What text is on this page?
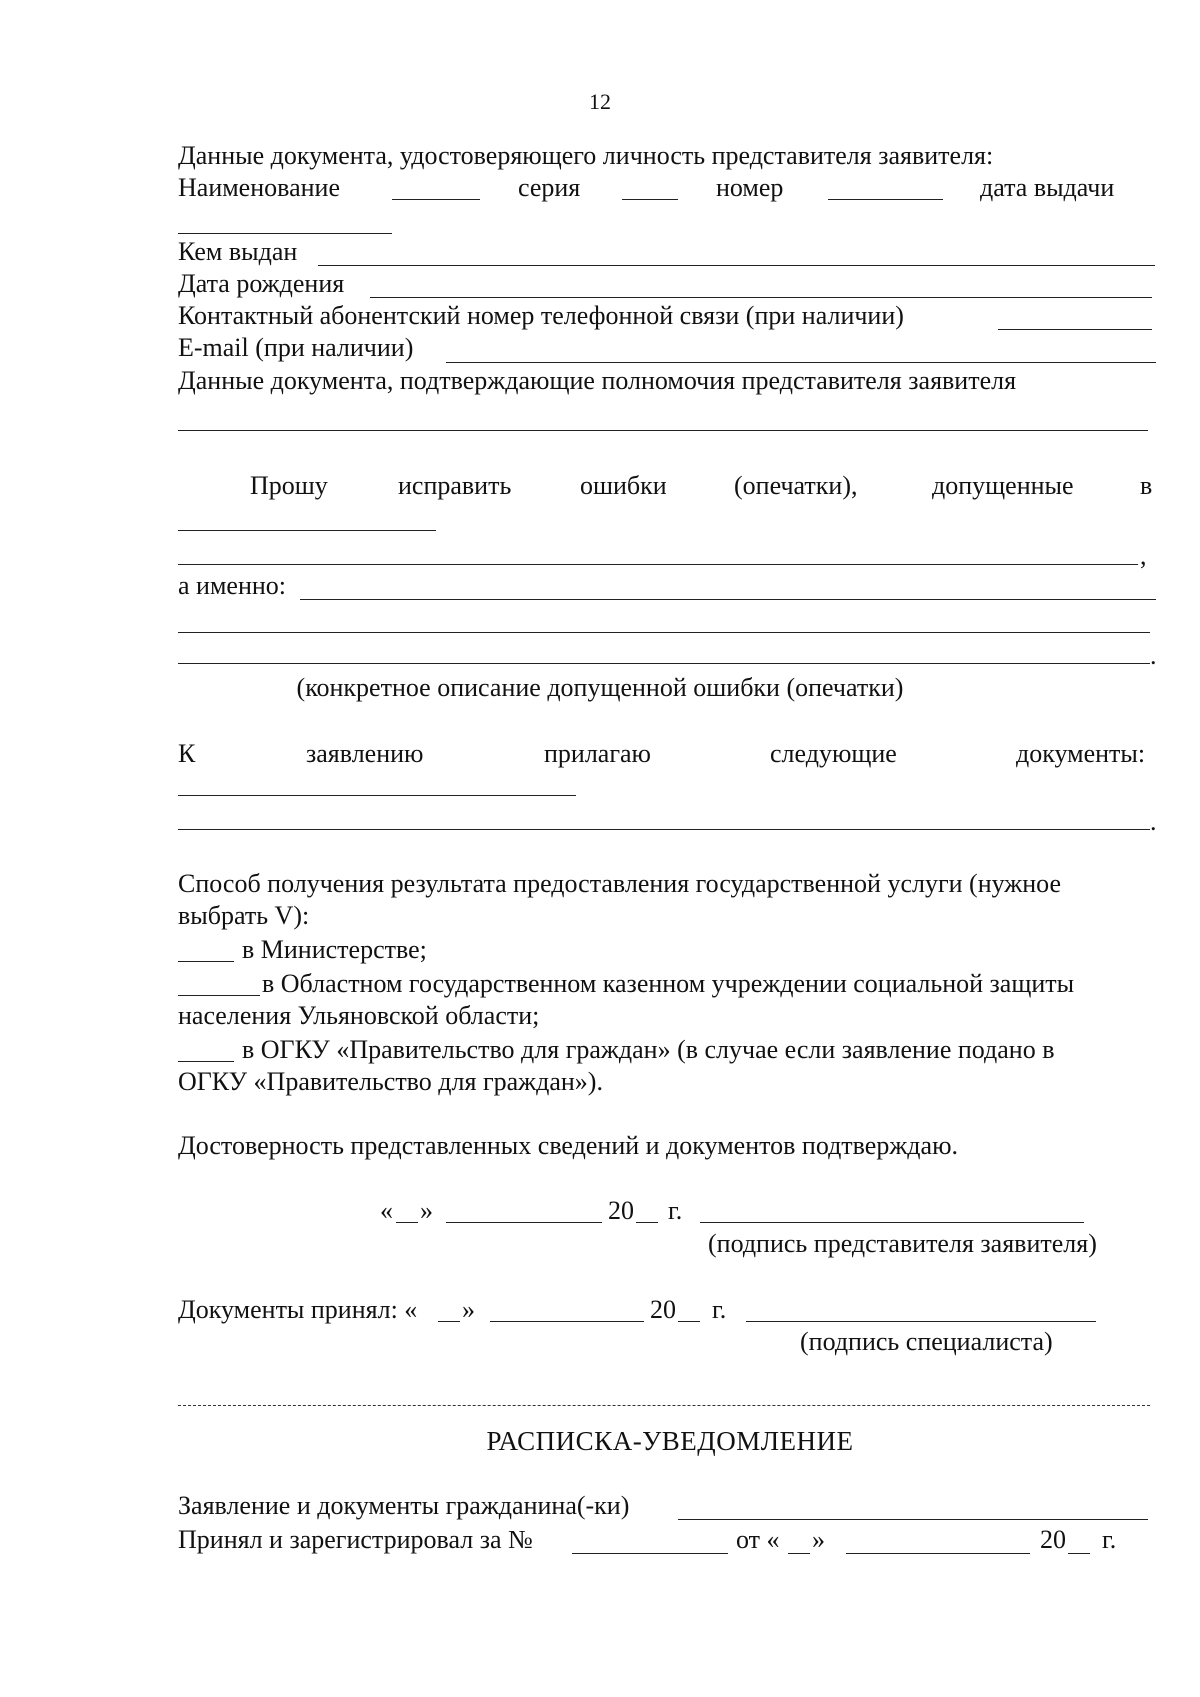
12
Данные документа, удостоверяющего личность представителя заявителя:
Наименование	серия	номер	дата выдачи
Кем выдан
Дата рождения
Контактный абонентский номер телефонной связи (при наличии)
E-mail (при наличии)
Данные документа, подтверждающие полномочия представителя заявителя
Прошу	исправить	ошибки	(опечатки),	допущенные	в
,
а именно:
.
(конкретное описание допущенной ошибки (опечатки)
К	заявлению	прилагаю	следующие	документы:
.
Способ получения результата предоставления государственной услуги (нужное
выбрать V):
в Министерстве;
в Областном государственном казенном учреждении социальной защиты
населения Ульяновской области;
в ОГКУ «Правительство для граждан» (в случае если заявление подано в
ОГКУ «Правительство для граждан»).
Достоверность представленных сведений и документов подтверждаю.
« »	20 г.
(подпись представителя заявителя)
Документы принял: « »	20 г.
(подпись специалиста)
РАСПИСКА-УВЕДОМЛЕНИЕ
Заявление и документы гражданина(-ки)
Принял и зарегистрировал за №	от « »	20 г.
